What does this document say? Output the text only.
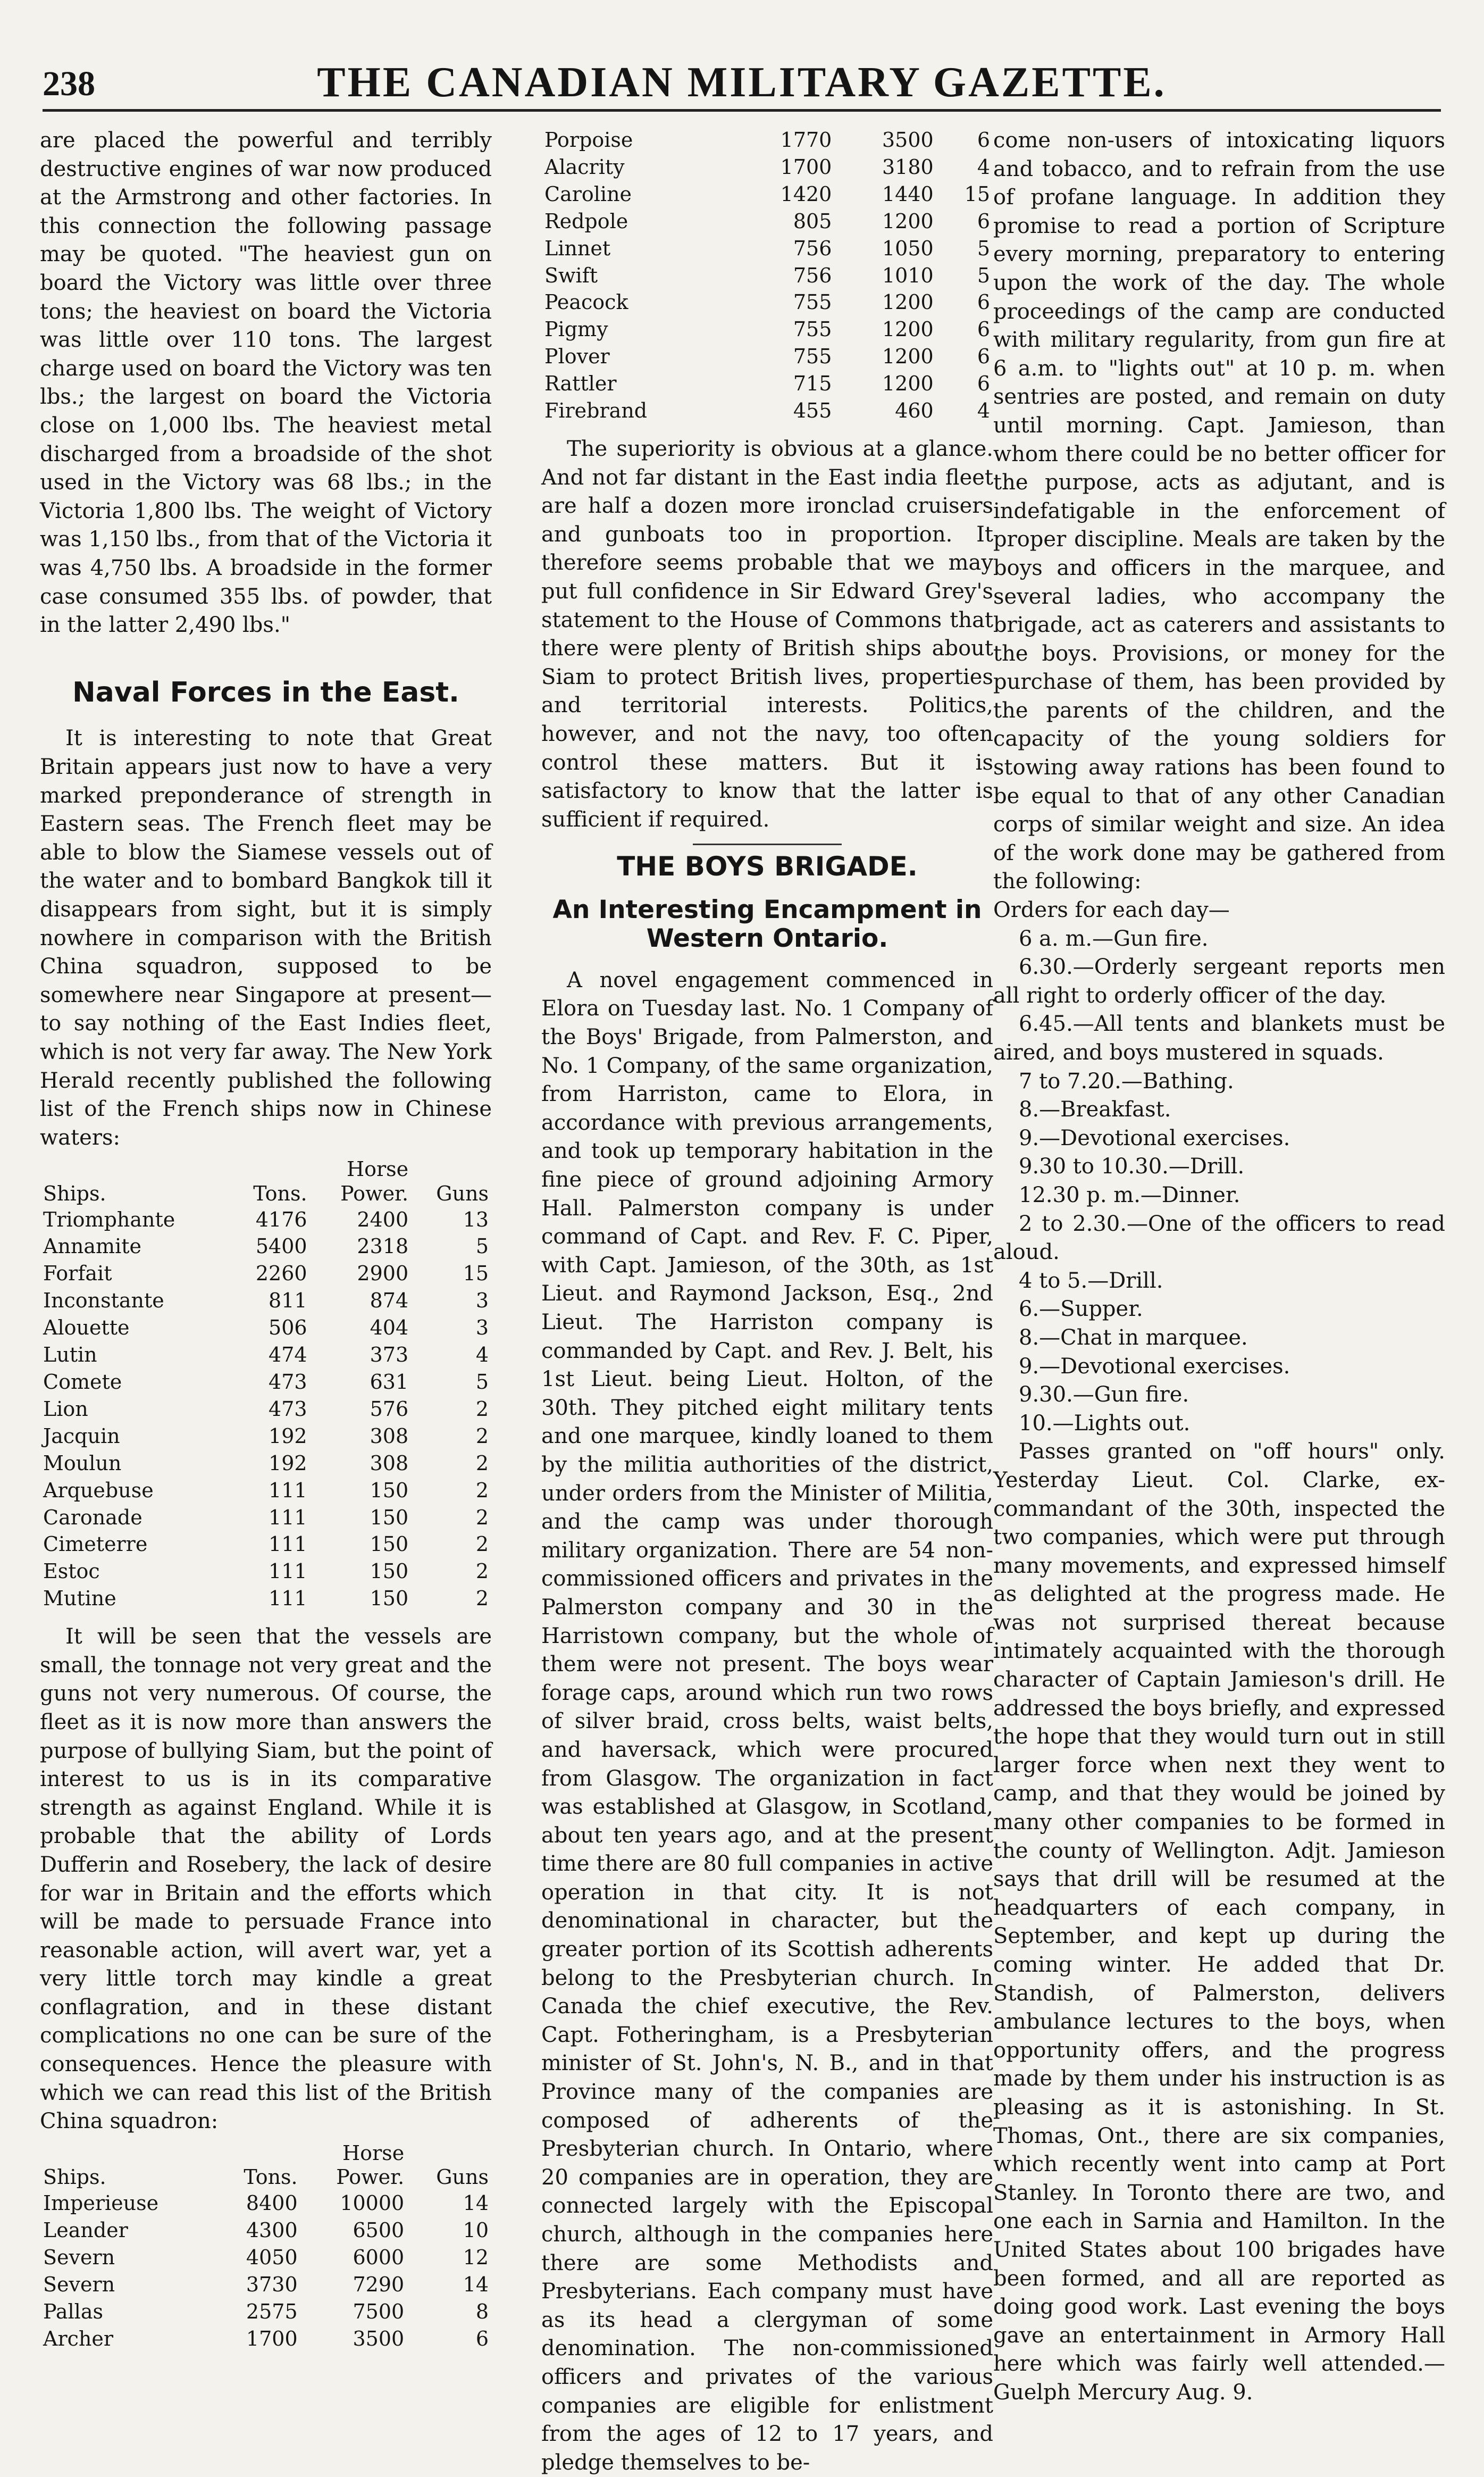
238	THE CANADIAN MILITARY GAZETTE.

are placed the powerful and terribly destructive engines of war now produced at the Armstrong and other factories. In this connection the following passage may be quoted. "The heaviest gun on board the Victory was little over three tons; the heaviest on board the Victoria was little over 110 tons. The largest charge used on board the Victory was ten lbs.; the largest on board the Victoria close on 1,000 lbs. The heaviest metal discharged from a broadside of the shot used in the Victory was 68 lbs.; in the Victoria 1,800 lbs. The weight of Victory was 1,150 lbs., from that of the Victoria it was 4,750 lbs. A broadside in the former case consumed 355 lbs. of powder, that in the latter 2,490 lbs."

Naval Forces in the East.

It is interesting to note that Great Britain appears just now to have a very marked preponderance of strength in Eastern seas. The French fleet may be able to blow the Siamese vessels out of the water and to bombard Bangkok till it disappears from sight, but it is simply nowhere in comparison with the British China squadron, supposed to be somewhere near Singapore at present—to say nothing of the East Indies fleet, which is not very far away. The New York Herald recently published the following list of the French ships now in Chinese waters:

		Horse	
Ships.	Tons.	Power.	Guns
Triomphante	4176	2400	13
Annamite	5400	2318	5
Forfait	2260	2900	15
Inconstante	811	874	3
Alouette	506	404	3
Lutin	474	373	4
Comete	473	631	5
Lion	473	576	2
Jacquin	192	308	2
Moulun	192	308	2
Arquebuse	111	150	2
Caronade	111	150	2
Cimeterre	111	150	2
Estoc	111	150	2
Mutine	111	150	2

It will be seen that the vessels are small, the tonnage not very great and the guns not very numerous. Of course, the fleet as it is now more than answers the purpose of bullying Siam, but the point of interest to us is in its comparative strength as against England. While it is probable that the ability of Lords Dufferin and Rosebery, the lack of desire for war in Britain and the efforts which will be made to persuade France into reasonable action, will avert war, yet a very little torch may kindle a great conflagration, and in these distant complications no one can be sure of the consequences. Hence the pleasure with which we can read this list of the British China squadron:

		Horse	
Ships.	Tons.	Power.	Guns
Imperieuse	8400	10000	14
Leander	4300	6500	10
Severn	4050	6000	12
Severn	3730	7290	14
Pallas	2575	7500	8
Archer	1700	3500	6
Porpoise	1770	3500	6
Alacrity	1700	3180	4
Caroline	1420	1440	15
Redpole	805	1200	6
Linnet	756	1050	5
Swift	756	1010	5
Peacock	755	1200	6
Pigmy	755	1200	6
Plover	755	1200	6
Rattler	715	1200	6
Firebrand	455	460	4

The superiority is obvious at a glance. And not far distant in the East india fleet are half a dozen more ironclad cruisers and gunboats too in proportion. It therefore seems probable that we may put full confidence in Sir Edward Grey's statement to the House of Commons that there were plenty of British ships about Siam to protect British lives, properties and territorial interests. Politics, however, and not the navy, too often control these matters. But it is satisfactory to know that the latter is sufficient if required.

THE BOYS BRIGADE.
An Interesting Encampment in Western Ontario.

A novel engagement commenced in Elora on Tuesday last. No. 1 Company of the Boys' Brigade, from Palmerston, and No. 1 Company, of the same organization, from Harriston, came to Elora, in accordance with previous arrangements, and took up temporary habitation in the fine piece of ground adjoining Armory Hall. Palmerston company is under command of Capt. and Rev. F. C. Piper, with Capt. Jamieson, of the 30th, as 1st Lieut. and Raymond Jackson, Esq., 2nd Lieut. The Harriston company is commanded by Capt. and Rev. J. Belt, his 1st Lieut. being Lieut. Holton, of the 30th. They pitched eight military tents and one marquee, kindly loaned to them by the militia authorities of the district, under orders from the Minister of Militia, and the camp was under thorough military organization. There are 54 non-commissioned officers and privates in the Palmerston company and 30 in the Harristown company, but the whole of them were not present. The boys wear forage caps, around which run two rows of silver braid, cross belts, waist belts, and haversack, which were procured from Glasgow. The organization in fact was established at Glasgow, in Scotland, about ten years ago, and at the present time there are 80 full companies in active operation in that city. It is not denominational in character, but the greater portion of its Scottish adherents belong to the Presbyterian church. In Canada the chief executive, the Rev. Capt. Fotheringham, is a Presbyterian minister of St. John's, N. B., and in that Province many of the companies are composed of adherents of the Presbyterian church. In Ontario, where 20 companies are in operation, they are connected largely with the Episcopal church, although in the companies here there are some Methodists and Presbyterians. Each company must have as its head a clergyman of some denomination. The non-commissioned officers and privates of the various companies are eligible for enlistment from the ages of 12 to 17 years, and pledge themselves to be-

come non-users of intoxicating liquors and tobacco, and to refrain from the use of profane language. In addition they promise to read a portion of Scripture every morning, preparatory to entering upon the work of the day. The whole proceedings of the camp are conducted with military regularity, from gun fire at 6 a.m. to "lights out" at 10 p. m. when sentries are posted, and remain on duty until morning. Capt. Jamieson, than whom there could be no better officer for the purpose, acts as adjutant, and is indefatigable in the enforcement of proper discipline. Meals are taken by the boys and officers in the marquee, and several ladies, who accompany the brigade, act as caterers and assistants to the boys. Provisions, or money for the purchase of them, has been provided by the parents of the children, and the capacity of the young soldiers for stowing away rations has been found to be equal to that of any other Canadian corps of similar weight and size. An idea of the work done may be gathered from the following:

Orders for each day—

6 a. m.—Gun fire.
6.30.—Orderly sergeant reports men all right to orderly officer of the day.
6.45.—All tents and blankets must be aired, and boys mustered in squads.
7 to 7.20.—Bathing.
8.—Breakfast.
9.—Devotional exercises.
9.30 to 10.30.—Drill.
12.30 p. m.—Dinner.
2 to 2.30.—One of the officers to read aloud.
4 to 5.—Drill.
6.—Supper.
8.—Chat in marquee.
9.—Devotional exercises.
9.30.—Gun fire.
10.—Lights out.

Passes granted on "off hours" only. Yesterday Lieut. Col. Clarke, ex-commandant of the 30th, inspected the two companies, which were put through many movements, and expressed himself as delighted at the progress made. He was not surprised thereat because intimately acquainted with the thorough character of Captain Jamieson's drill. He addressed the boys briefly, and expressed the hope that they would turn out in still larger force when next they went to camp, and that they would be joined by many other companies to be formed in the county of Wellington. Adjt. Jamieson says that drill will be resumed at the headquarters of each company, in September, and kept up during the coming winter. He added that Dr. Standish, of Palmerston, delivers ambulance lectures to the boys, when opportunity offers, and the progress made by them under his instruction is as pleasing as it is astonishing. In St. Thomas, Ont., there are six companies, which recently went into camp at Port Stanley. In Toronto there are two, and one each in Sarnia and Hamilton. In the United States about 100 brigades have been formed, and all are reported as doing good work. Last evening the boys gave an entertainment in Armory Hall here which was fairly well attended.—Guelph Mercury Aug. 9.
